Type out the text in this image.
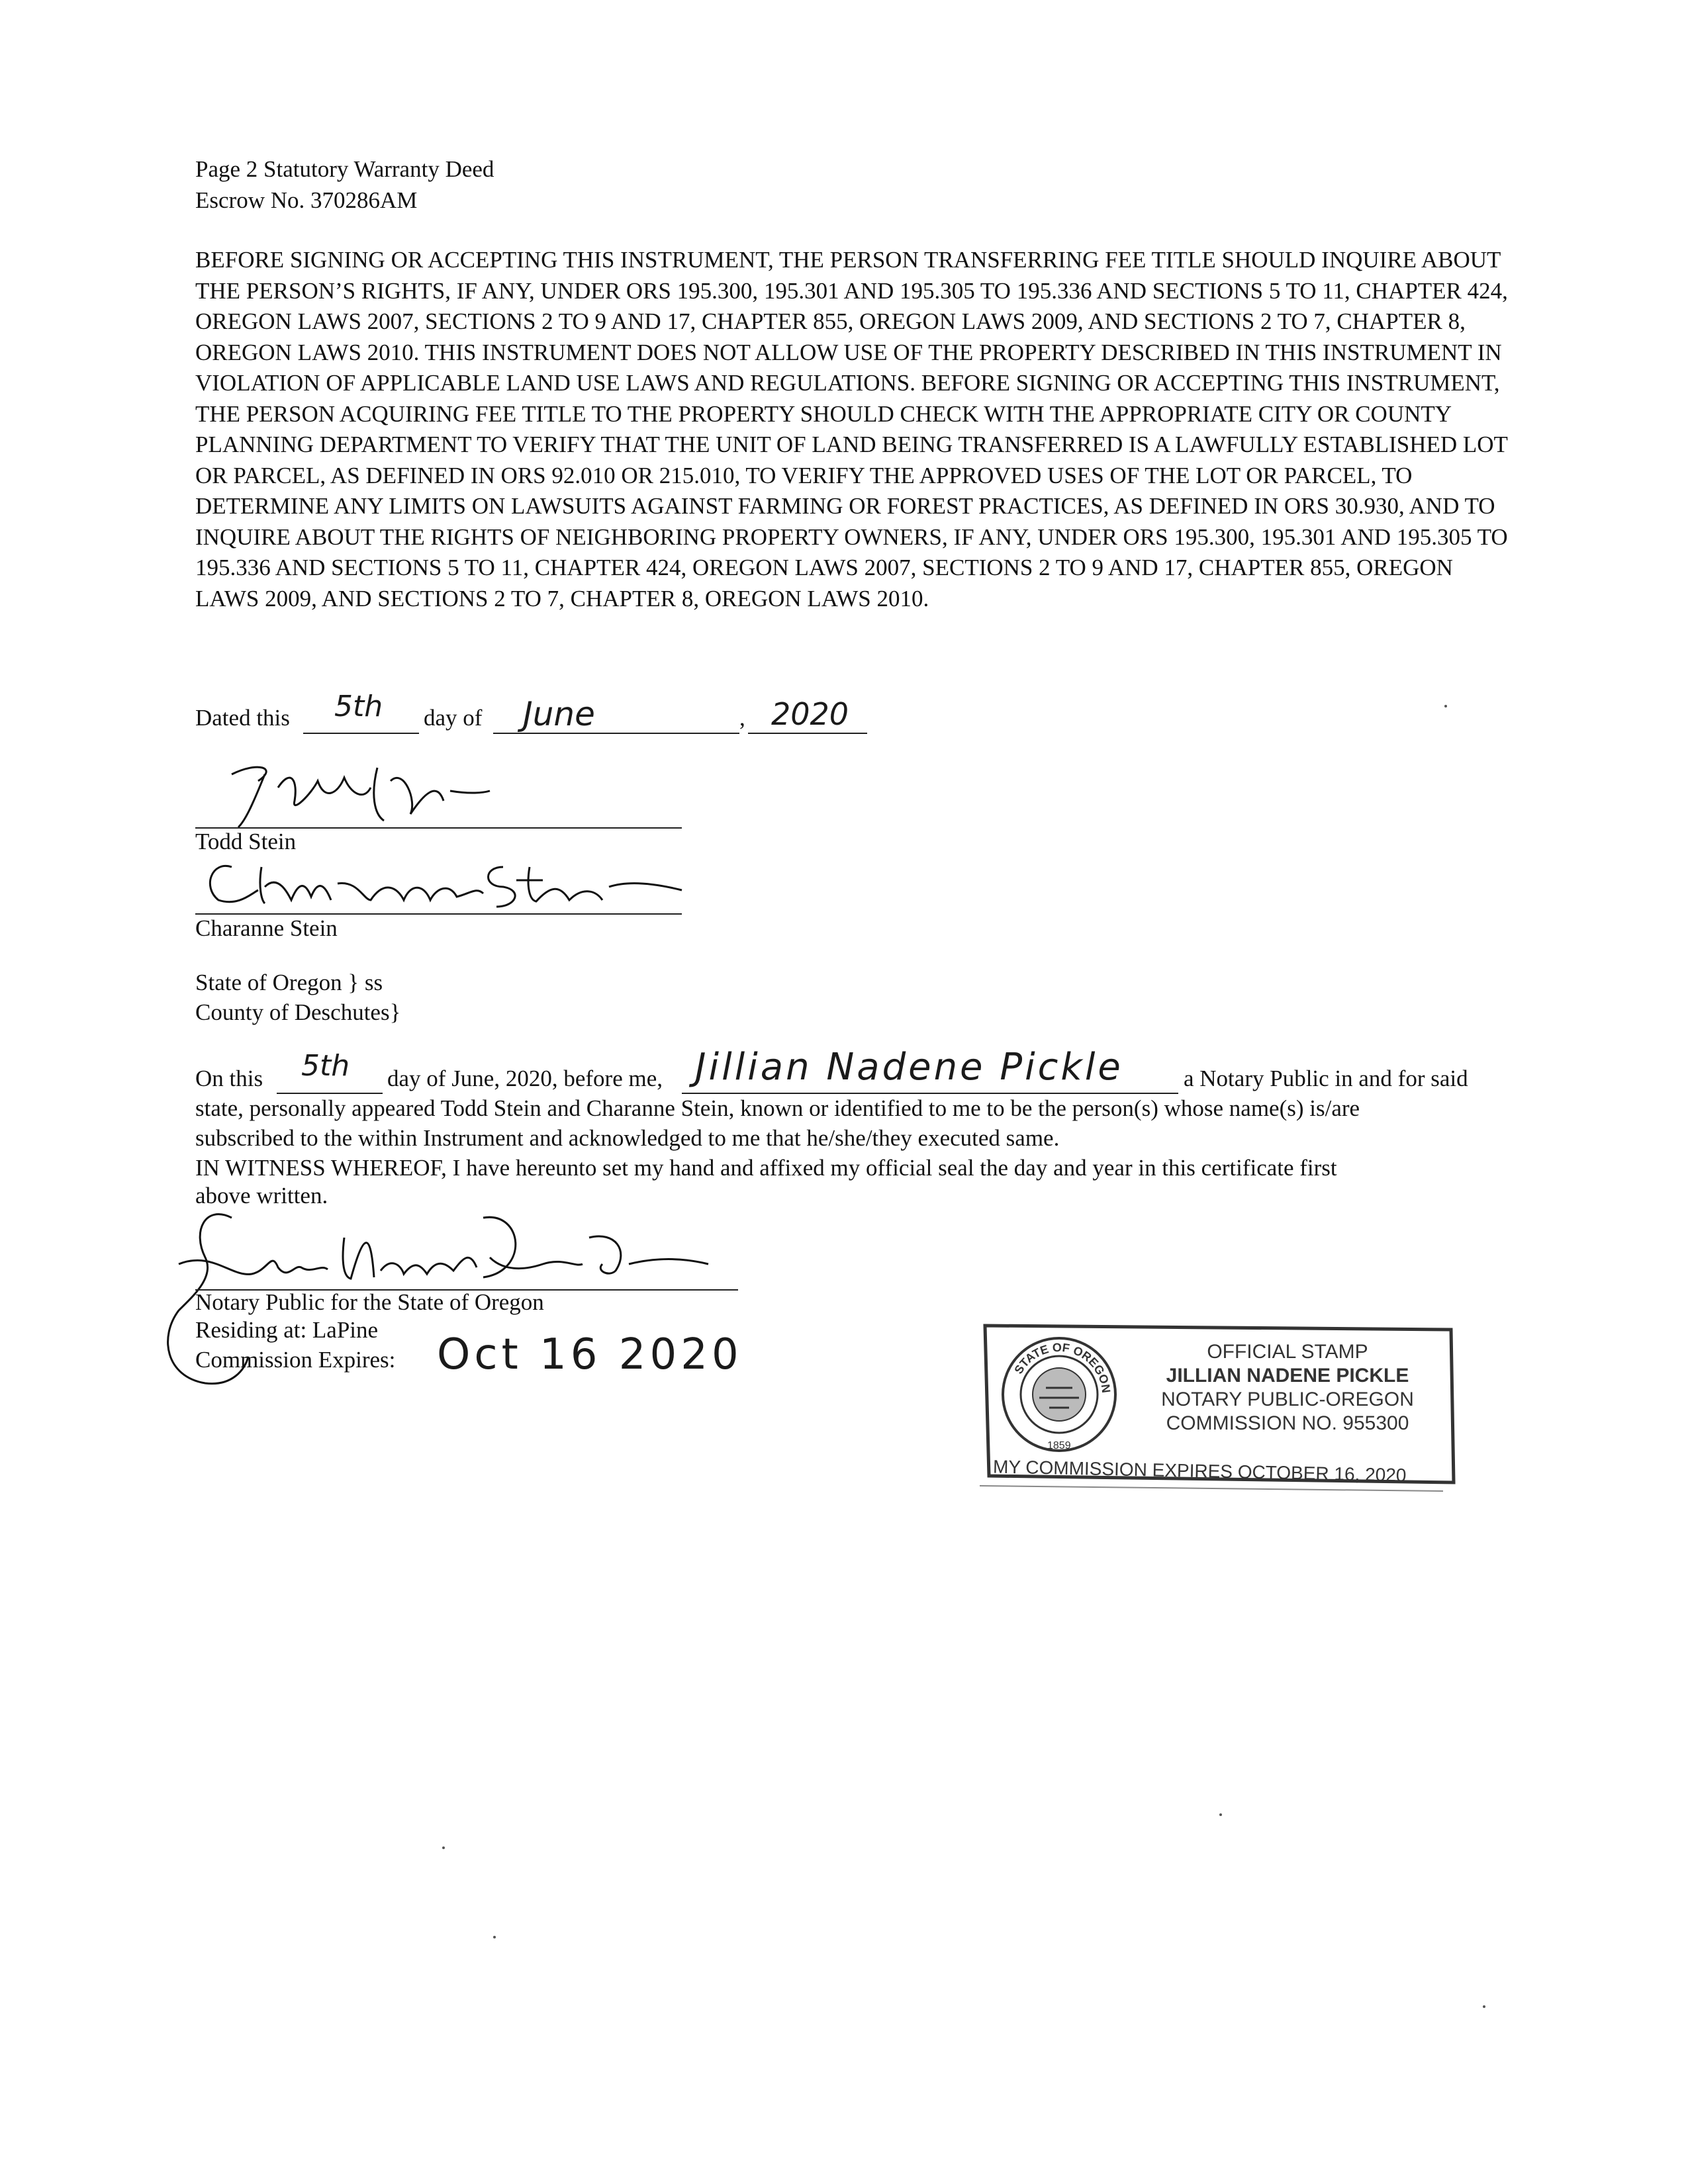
Page 2 Statutory Warranty Deed
Escrow No. 370286AM
BEFORE SIGNING OR ACCEPTING THIS INSTRUMENT, THE PERSON TRANSFERRING FEE TITLE SHOULD INQUIRE ABOUT THE PERSON’S RIGHTS, IF ANY, UNDER ORS 195.300, 195.301 AND 195.305 TO 195.336 AND SECTIONS 5 TO 11, CHAPTER 424, OREGON LAWS 2007, SECTIONS 2 TO 9 AND 17, CHAPTER 855, OREGON LAWS 2009, AND SECTIONS 2 TO 7, CHAPTER 8, OREGON LAWS 2010. THIS INSTRUMENT DOES NOT ALLOW USE OF THE PROPERTY DESCRIBED IN THIS INSTRUMENT IN VIOLATION OF APPLICABLE LAND USE LAWS AND REGULATIONS. BEFORE SIGNING OR ACCEPTING THIS INSTRUMENT, THE PERSON ACQUIRING FEE TITLE TO THE PROPERTY SHOULD CHECK WITH THE APPROPRIATE CITY OR COUNTY PLANNING DEPARTMENT TO VERIFY THAT THE UNIT OF LAND BEING TRANSFERRED IS A LAWFULLY ESTABLISHED LOT OR PARCEL, AS DEFINED IN ORS 92.010 OR 215.010, TO VERIFY THE APPROVED USES OF THE LOT OR PARCEL, TO DETERMINE ANY LIMITS ON LAWSUITS AGAINST FARMING OR FOREST PRACTICES, AS DEFINED IN ORS 30.930, AND TO INQUIRE ABOUT THE RIGHTS OF NEIGHBORING PROPERTY OWNERS, IF ANY, UNDER ORS 195.300, 195.301 AND 195.305 TO 195.336 AND SECTIONS 5 TO 11, CHAPTER 424, OREGON LAWS 2007, SECTIONS 2 TO 9 AND 17, CHAPTER 855, OREGON LAWS 2009, AND SECTIONS 2 TO 7, CHAPTER 8, OREGON LAWS 2010.
Dated this 5th day of June	, 2020
Todd Stein
Charanne Stein
State of Oregon } ss
County of Deschutes}
On this 5th day of June, 2020, before me, Jillian Nadene Pickle	a Notary Public in and for said
state, personally appeared Todd Stein and Charanne Stein, known or identified to me to be the person(s) whose name(s) is/are
subscribed to the within Instrument and acknowledged to me that he/she/they executed same.
IN WITNESS WHEREOF, I have hereunto set my hand and affixed my official seal the day and year in this certificate first
above written.
Notary Public for the State of Oregon
Residing at: LaPine
Commission Expires: Oct 16 2020	STATE OF OREGON
1859
OFFICIAL STAMP
JILLIAN NADENE PICKLE
NOTARY PUBLIC-OREGON
COMMISSION NO. 955300
MY COMMISSION EXPIRES OCTOBER 16, 2020
